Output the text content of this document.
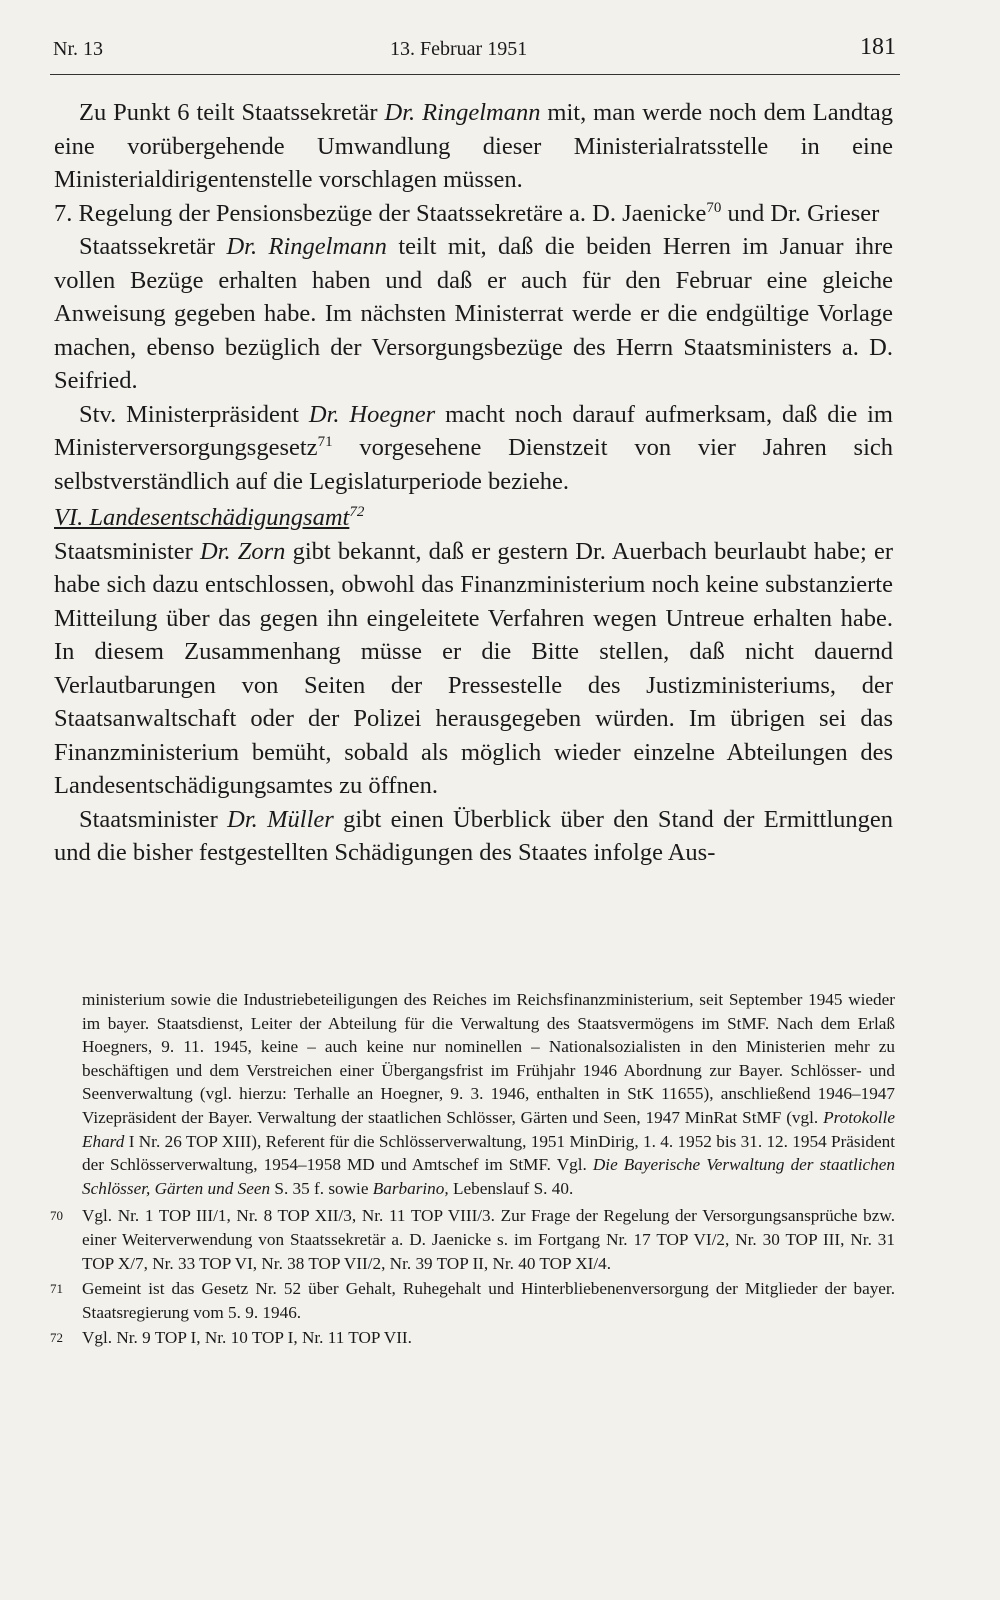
Nr. 13	13. Februar 1951	181

Zu Punkt 6 teilt Staatssekretär Dr. Ringelmann mit, man werde noch dem Landtag eine vorübergehende Umwandlung dieser Ministerialratsstelle in eine Ministerialdirigentenstelle vorschlagen müssen.

7. Regelung der Pensionsbezüge der Staatssekretäre a. D. Jaenicke$^{70}$ und Dr. Grieser

Staatssekretär Dr. Ringelmann teilt mit, daß die beiden Herren im Januar ihre vollen Bezüge erhalten haben und daß er auch für den Februar eine gleiche Anweisung gegeben habe. Im nächsten Ministerrat werde er die endgültige Vorlage machen, ebenso bezüglich der Versorgungsbezüge des Herrn Staatsministers a. D. Seifried.

Stv. Ministerpräsident Dr. Hoegner macht noch darauf aufmerksam, daß die im Ministerversorgungsgesetz$^{71}$ vorgesehene Dienstzeit von vier Jahren sich selbstverständlich auf die Legislaturperiode beziehe.

VI. Landesentschädigungsamt$^{72}$

Staatsminister Dr. Zorn gibt bekannt, daß er gestern Dr. Auerbach beurlaubt habe; er habe sich dazu entschlossen, obwohl das Finanzministerium noch keine substanzierte Mitteilung über das gegen ihn eingeleitete Verfahren wegen Untreue erhalten habe. In diesem Zusammenhang müsse er die Bitte stellen, daß nicht dauernd Verlautbarungen von Seiten der Pressestelle des Justizministeriums, der Staatsanwaltschaft oder der Polizei herausgegeben würden. Im übrigen sei das Finanzministerium bemüht, sobald als möglich wieder einzelne Abteilungen des Landesentschädigungsamtes zu öffnen.

Staatsminister Dr. Müller gibt einen Überblick über den Stand der Ermittlungen und die bisher festgestellten Schädigungen des Staates infolge Aus-

ministerium sowie die Industriebeteiligungen des Reiches im Reichsfinanzministerium, seit September 1945 wieder im bayer. Staatsdienst, Leiter der Abteilung für die Verwaltung des Staatsvermögens im StMF. Nach dem Erlaß Hoegners, 9. 11. 1945, keine – auch keine nur nominellen – Nationalsozialisten in den Ministerien mehr zu beschäftigen und dem Verstreichen einer Übergangsfrist im Frühjahr 1946 Abordnung zur Bayer. Schlösser- und Seenverwaltung (vgl. hierzu: Terhalle an Hoegner, 9. 3. 1946, enthalten in StK 11655), anschließend 1946–1947 Vizepräsident der Bayer. Verwaltung der staatlichen Schlösser, Gärten und Seen, 1947 MinRat StMF (vgl. Protokolle Ehard I Nr. 26 TOP XIII), Referent für die Schlösserverwaltung, 1951 MinDirig, 1. 4. 1952 bis 31. 12. 1954 Präsident der Schlösserverwaltung, 1954–1958 MD und Amtschef im StMF. Vgl. Die Bayerische Verwaltung der staatlichen Schlösser, Gärten und Seen S. 35 f. sowie Barbarino, Lebenslauf S. 40.

70 Vgl. Nr. 1 TOP III/1, Nr. 8 TOP XII/3, Nr. 11 TOP VIII/3. Zur Frage der Regelung der Versorgungsansprüche bzw. einer Weiterverwendung von Staatssekretär a. D. Jaenicke s. im Fortgang Nr. 17 TOP VI/2, Nr. 30 TOP III, Nr. 31 TOP X/7, Nr. 33 TOP VI, Nr. 38 TOP VII/2, Nr. 39 TOP II, Nr. 40 TOP XI/4.

71 Gemeint ist das Gesetz Nr. 52 über Gehalt, Ruhegehalt und Hinterbliebenenversorgung der Mitglieder der bayer. Staatsregierung vom 5. 9. 1946.

72 Vgl. Nr. 9 TOP I, Nr. 10 TOP I, Nr. 11 TOP VII.
